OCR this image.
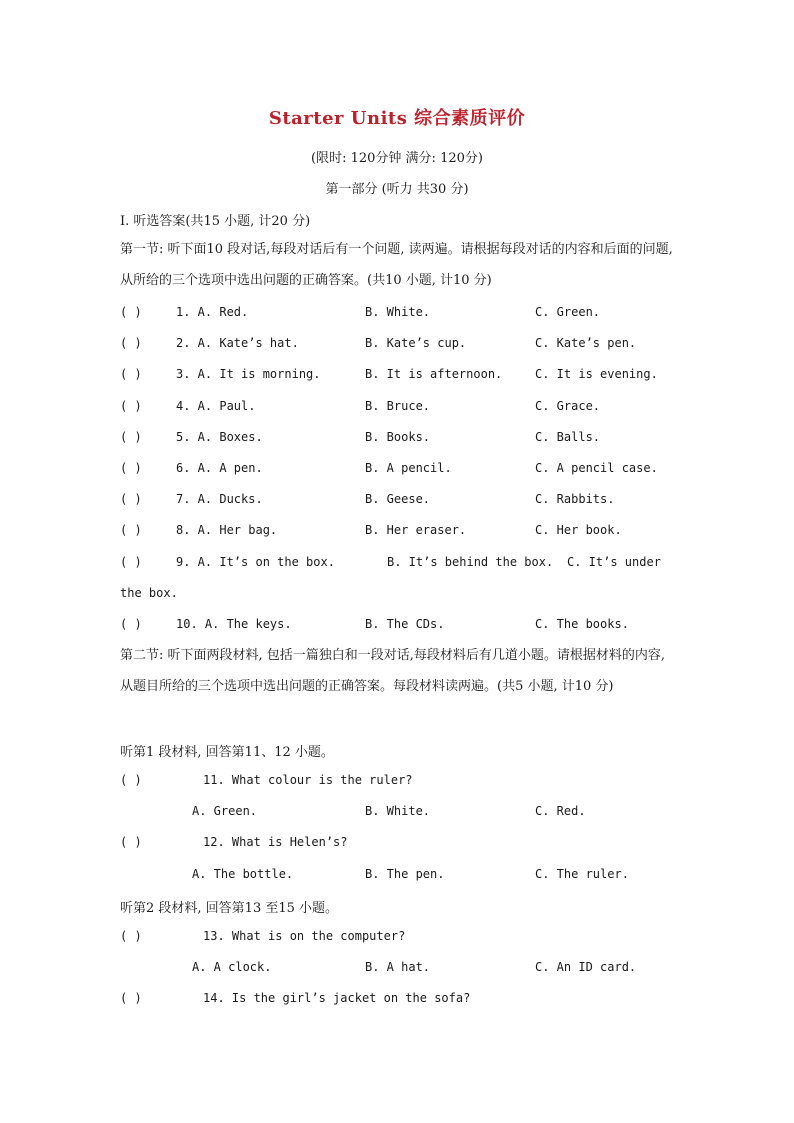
Starter Units 综合素质评价
(限时: 120分钟 满分: 120分)
第一部分 (听力 共30 分)
I. 听选答案(共15 小题, 计20 分)
第一节: 听下面10 段对话,每段对话后有一个问题, 读两遍。请根据每段对话的内容和后面的问题, 从所给的三个选项中选出问题的正确答案。(共10 小题, 计10 分)
( )	1. A. Red.	B. White.	C. Green.
( )	2. A. Kate’s hat.	B. Kate’s cup.	C. Kate’s pen.
( )	3. A. It is morning.	B. It is afternoon.	C. It is evening.
( )	4. A. Paul.	B. Bruce.	C. Grace.
( )	5. A. Boxes.	B. Books.	C. Balls.
( )	6. A. A pen.	B. A pencil.	C. A pencil case.
( )	7. A. Ducks.	B. Geese.	C. Rabbits.
( )	8. A. Her bag.	B. Her eraser.	C. Her book.
( )	9. A. It’s on the box.	B. It’s behind the box. C. It’s under
the box.
( )	10. A. The keys.	B. The CDs.	C. The books.
第二节: 听下面两段材料, 包括一篇独白和一段对话,每段材料后有几道小题。请根据材料的内容, 从题目所给的三个选项中选出问题的正确答案。每段材料读两遍。(共5 小题, 计10 分)
听第1 段材料, 回答第11、12 小题。
( )	11. What colour is the ruler?
A. Green.	B. White.	C. Red.
( )	12. What is Helen’s?
A. The bottle.	B. The pen.	C. The ruler.
听第2 段材料, 回答第13 至15 小题。
( )	13. What is on the computer?
A. A clock.	B. A hat.	C. An ID card.
( )	14. Is the girl’s jacket on the sofa?
